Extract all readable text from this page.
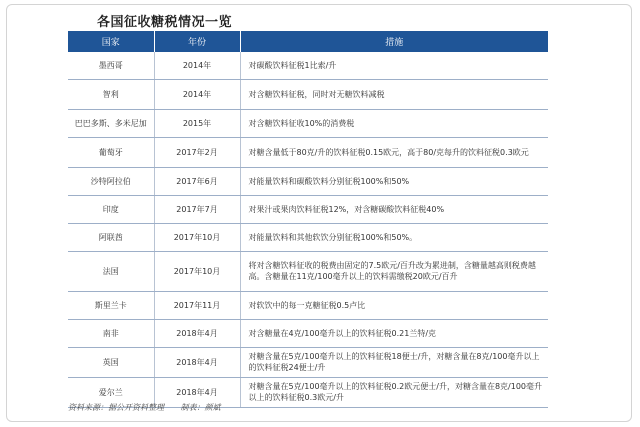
各国征收糖税情况一览
国家	年份	措施
墨西哥	2014年	对碳酸饮料征税1比索/升
智利	2014年	对含糖饮料征税，同时对无糖饮料减税
巴巴多斯、多米尼加	2015年	对含糖饮料征收10%的消费税
葡萄牙	2017年2月	对糖含量低于80克/升的饮料征税0.15欧元，高于80/克每升的饮料征税0.3欧元
沙特阿拉伯	2017年6月	对能量饮料和碳酸饮料分别征税100%和50%
印度	2017年7月	对果汁或果肉饮料征税12%，对含糖碳酸饮料征税40%
阿联酋	2017年10月	对能量饮料和其他软饮分别征税100%和50%。
法国	2017年10月	将对含糖饮料征收的税费由固定的7.5欧元/百升改为累进制，含糖量越高则税费越高。含糖量在11克/100毫升以上的饮料需缴税20欧元/百升
斯里兰卡	2017年11月	对软饮中的每一克糖征税0.5卢比
南非	2018年4月	对含糖量在4克/100毫升以上的饮料征税0.21兰特/克
英国	2018年4月	对糖含量在5克/100毫升以上的饮料征税18便士/升，对糖含量在8克/100毫升以上的饮料征税24便士/升
爱尔兰	2018年4月	对糖含量在5克/100毫升以上的饮料征税0.2欧元便士/升，对糖含量在8克/100毫升以上的饮料征税0.3欧元/升
资料来源：据公开资料整理 制表：颜斌
